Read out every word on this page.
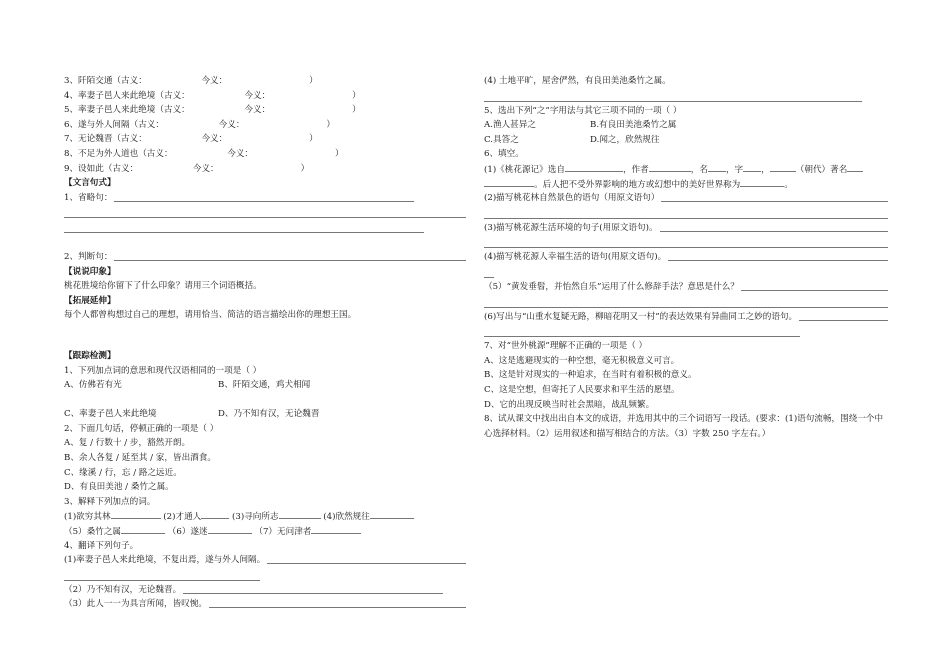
3、阡陌交通（古义：                    今义：                              ）
4、率妻子邑人来此绝境（古义：                    今义：                              ）
5、率妻子邑人来此绝境（古义：                    今义：                              ）
6、遂与外人间隔（古义：                    今义：                              ）
7、无论魏晋（古义：                    今义：                              ）
8、不足为外人道也（古义：                    今义：                              ）
9、设如此（古义：                    今义：                              ）
【文言句式】
1、省略句：
2、判断句：
【说说印象】
桃花胜境给你留下了什么印象？请用三个词语概括。
【拓展延伸】
每个人都曾构想过自己的理想，请用恰当、简洁的语言描绘出你的理想王国。
【跟踪检测】
1、下列加点词的意思和现代汉语相同的一项是（ ）
A、仿佛若有光	B、阡陌交通，鸡犬相闻
C、率妻子邑人来此绝境	D、乃不知有汉，无论魏晋
2、下面几句话，停顿正确的一项是（ ）
A、复 / 行数十 / 步，豁然开朗。
B、余人各复 / 延至其 / 家，皆出酒食。
C、缘溪 / 行，忘 / 路之远近。
D、有良田美池 / 桑竹之属。
3、解释下列加点的词。
(1)欲穷其林	(2)才通人	(3)寻向所志	(4)欣然规往
（5）桑竹之属	（6）遂迷	（7）无问津者
4、翻译下列句子。
(1)率妻子邑人来此绝境，不复出焉，遂与外人间隔。
（2）乃不知有汉，无论魏晋。
（3）此人一一为具言所闻，皆叹惋。
(4) 土地平旷，屋舍俨然，有良田美池桑竹之属。
5、选出下列“之”字用法与其它三项不同的一项（ ）
A.渔人甚异之	B.有良田美池桑竹之属
C.具答之	D.闻之，欣然规往
6、填空。
(1)《桃花源记》选自	，作者	，名 ，字 ，	（朝代）著名
。后人把不受外界影响的地方或幻想中的美好世界称为	。
(2)描写桃花林自然景色的语句（用原文语句）
(3)描写桃花源生活环境的句子(用原文语句)。
(4)描写桃花源人幸福生活的语句(用原文语句)。
（5）“黄发垂髫，并怡然自乐”运用了什么修辞手法？意思是什么？
(6)写出与“山重水复疑无路，柳暗花明又一村”的表达效果有异曲同工之妙的语句。
7、对“世外桃源”理解不正确的一项是（ ）
A、这是逃避现实的一种空想，毫无积极意义可言。
B、这是针对现实的一种追求，在当时有着积极的意义。
C、这是空想，但寄托了人民要求和平生活的愿望。
D、它的出现反映当时社会黑暗，战乱频繁。
8、试从课文中找出出自本文的成语，并选用其中的三个词语写一段话。(要求：(1)语句流畅，围绕一个中心选择材料。（2）运用叙述和描写相结合的方法。（3）字数 250 字左右。）
